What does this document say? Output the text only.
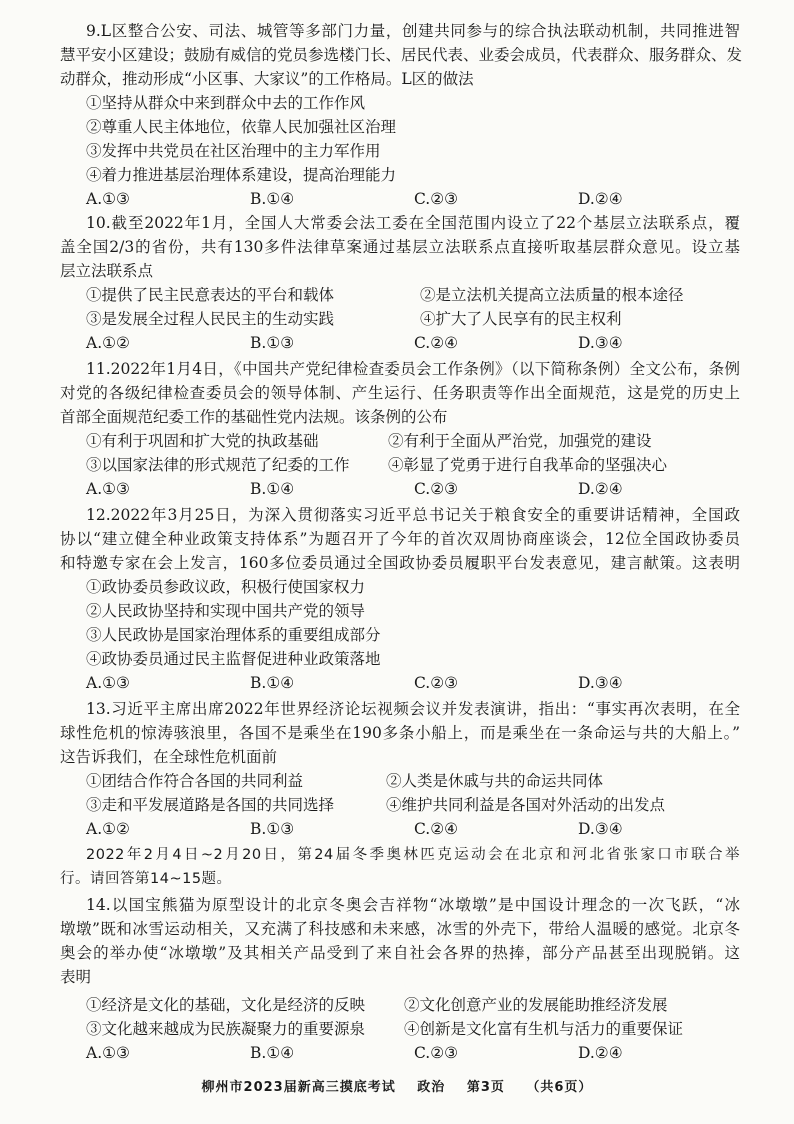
9.L区整合公安、司法、城管等多部门力量，创建共同参与的综合执法联动机制，共同推进智
慧平安小区建设；鼓励有威信的党员参选楼门长、居民代表、业委会成员，代表群众、服务群众、发
动群众，推动形成“小区事、大家议”的工作格局。L区的做法
①坚持从群众中来到群众中去的工作作风
②尊重人民主体地位，依靠人民加强社区治理
③发挥中共党员在社区治理中的主力军作用
④着力推进基层治理体系建设，提高治理能力
A.①③	B.①④	C.②③	D.②④
10.截至2022年1月，全国人大常委会法工委在全国范围内设立了22个基层立法联系点，覆
盖全国2/3的省份，共有130多件法律草案通过基层立法联系点直接听取基层群众意见。设立基
层立法联系点
①提供了民主民意表达的平台和载体	②是立法机关提高立法质量的根本途径
③是发展全过程人民民主的生动实践	④扩大了人民享有的民主权利
A.①②	B.①③	C.②④	D.③④
11.2022年1月4日，《中国共产党纪律检查委员会工作条例》（以下简称条例）全文公布，条例
对党的各级纪律检查委员会的领导体制、产生运行、任务职责等作出全面规范，这是党的历史上
首部全面规范纪委工作的基础性党内法规。该条例的公布
①有利于巩固和扩大党的执政基础	②有利于全面从严治党，加强党的建设
③以国家法律的形式规范了纪委的工作	④彰显了党勇于进行自我革命的坚强决心
A.①③	B.①④	C.②③	D.②④
12.2022年3月25日，为深入贯彻落实习近平总书记关于粮食安全的重要讲话精神，全国政
协以“建立健全种业政策支持体系”为题召开了今年的首次双周协商座谈会，12位全国政协委员
和特邀专家在会上发言，160多位委员通过全国政协委员履职平台发表意见，建言献策。这表明
①政协委员参政议政，积极行使国家权力
②人民政协坚持和实现中国共产党的领导
③人民政协是国家治理体系的重要组成部分
④政协委员通过民主监督促进种业政策落地
A.①③	B.①④	C.②③	D.③④
13.习近平主席出席2022年世界经济论坛视频会议并发表演讲，指出：“事实再次表明，在全
球性危机的惊涛骇浪里，各国不是乘坐在190多条小船上，而是乘坐在一条命运与共的大船上。”
这告诉我们，在全球性危机面前
①团结合作符合各国的共同利益	②人类是休戚与共的命运共同体
③走和平发展道路是各国的共同选择	④维护共同利益是各国对外活动的出发点
A.①②	B.①③	C.②④	D.③④
2022年2月4日~2月20日，第24届冬季奥林匹克运动会在北京和河北省张家口市联合举
行。请回答第14~15题。
14.以国宝熊猫为原型设计的北京冬奥会吉祥物“冰墩墩”是中国设计理念的一次飞跃，“冰
墩墩”既和冰雪运动相关，又充满了科技感和未来感，冰雪的外壳下，带给人温暖的感觉。北京冬
奥会的举办使“冰墩墩”及其相关产品受到了来自社会各界的热捧，部分产品甚至出现脱销。这
表明
①经济是文化的基础，文化是经济的反映	②文化创意产业的发展能助推经济发展
③文化越来越成为民族凝聚力的重要源泉	④创新是文化富有生机与活力的重要保证
A.①③	B.①④	C.②③	D.②④
柳州市2023届新高三摸底考试 政治 第3页 （共6页）
